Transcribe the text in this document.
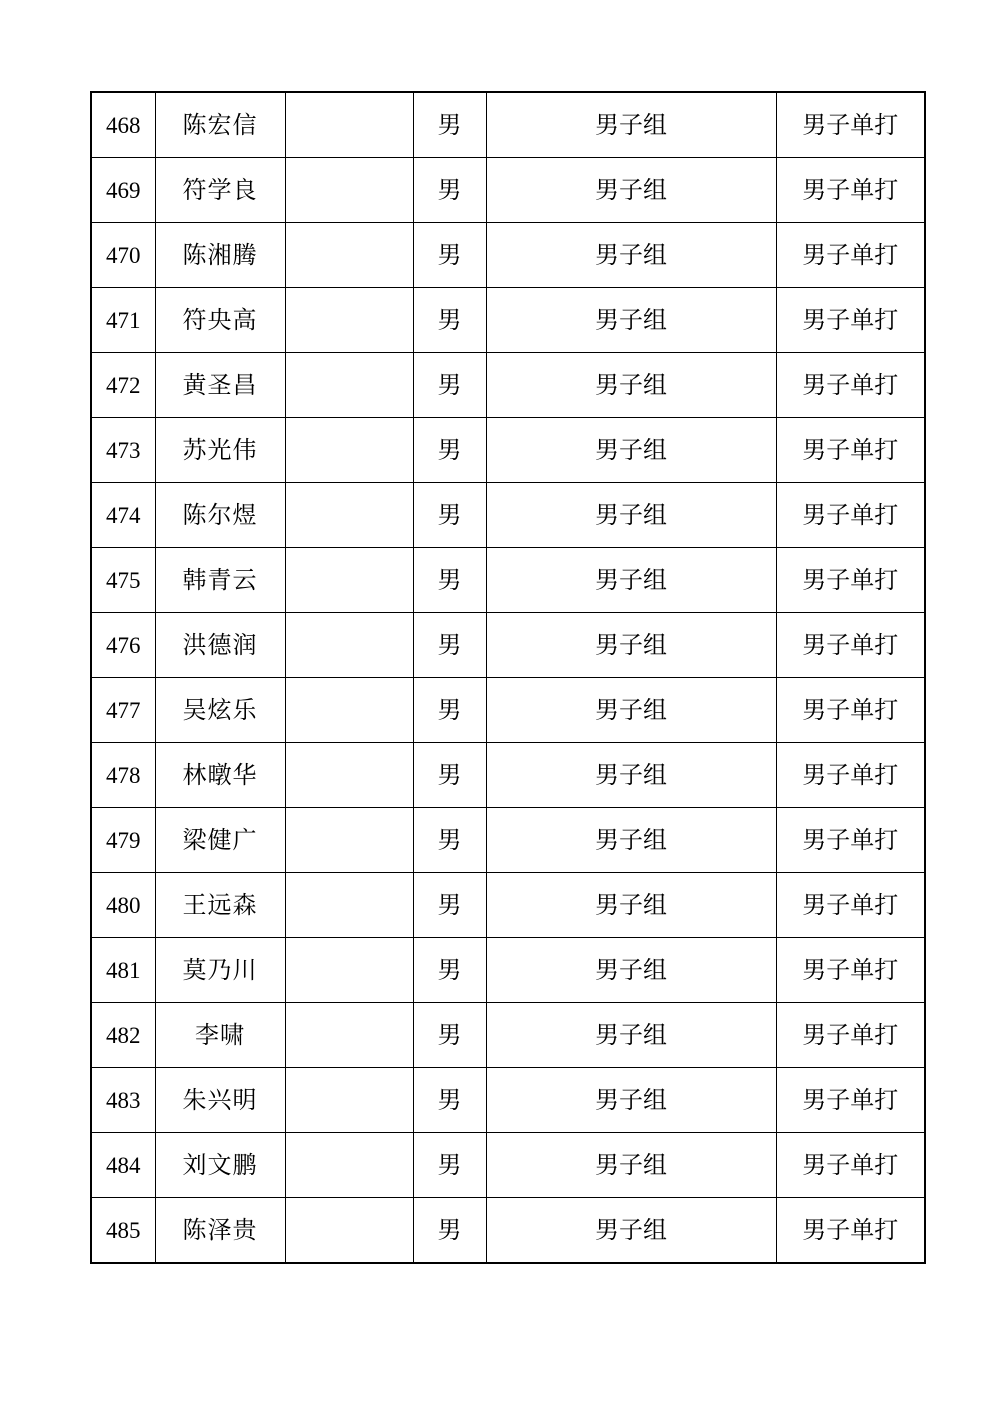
468	陈宏信		男	男子组	男子单打
469	符学良		男	男子组	男子单打
470	陈湘腾		男	男子组	男子单打
471	符央高		男	男子组	男子单打
472	黄圣昌		男	男子组	男子单打
473	苏光伟		男	男子组	男子单打
474	陈尔煜		男	男子组	男子单打
475	韩青云		男	男子组	男子单打
476	洪德润		男	男子组	男子单打
477	吴炫乐		男	男子组	男子单打
478	林暾华		男	男子组	男子单打
479	梁健广		男	男子组	男子单打
480	王远森		男	男子组	男子单打
481	莫乃川		男	男子组	男子单打
482	李啸		男	男子组	男子单打
483	朱兴明		男	男子组	男子单打
484	刘文鹏		男	男子组	男子单打
485	陈泽贵		男	男子组	男子单打
